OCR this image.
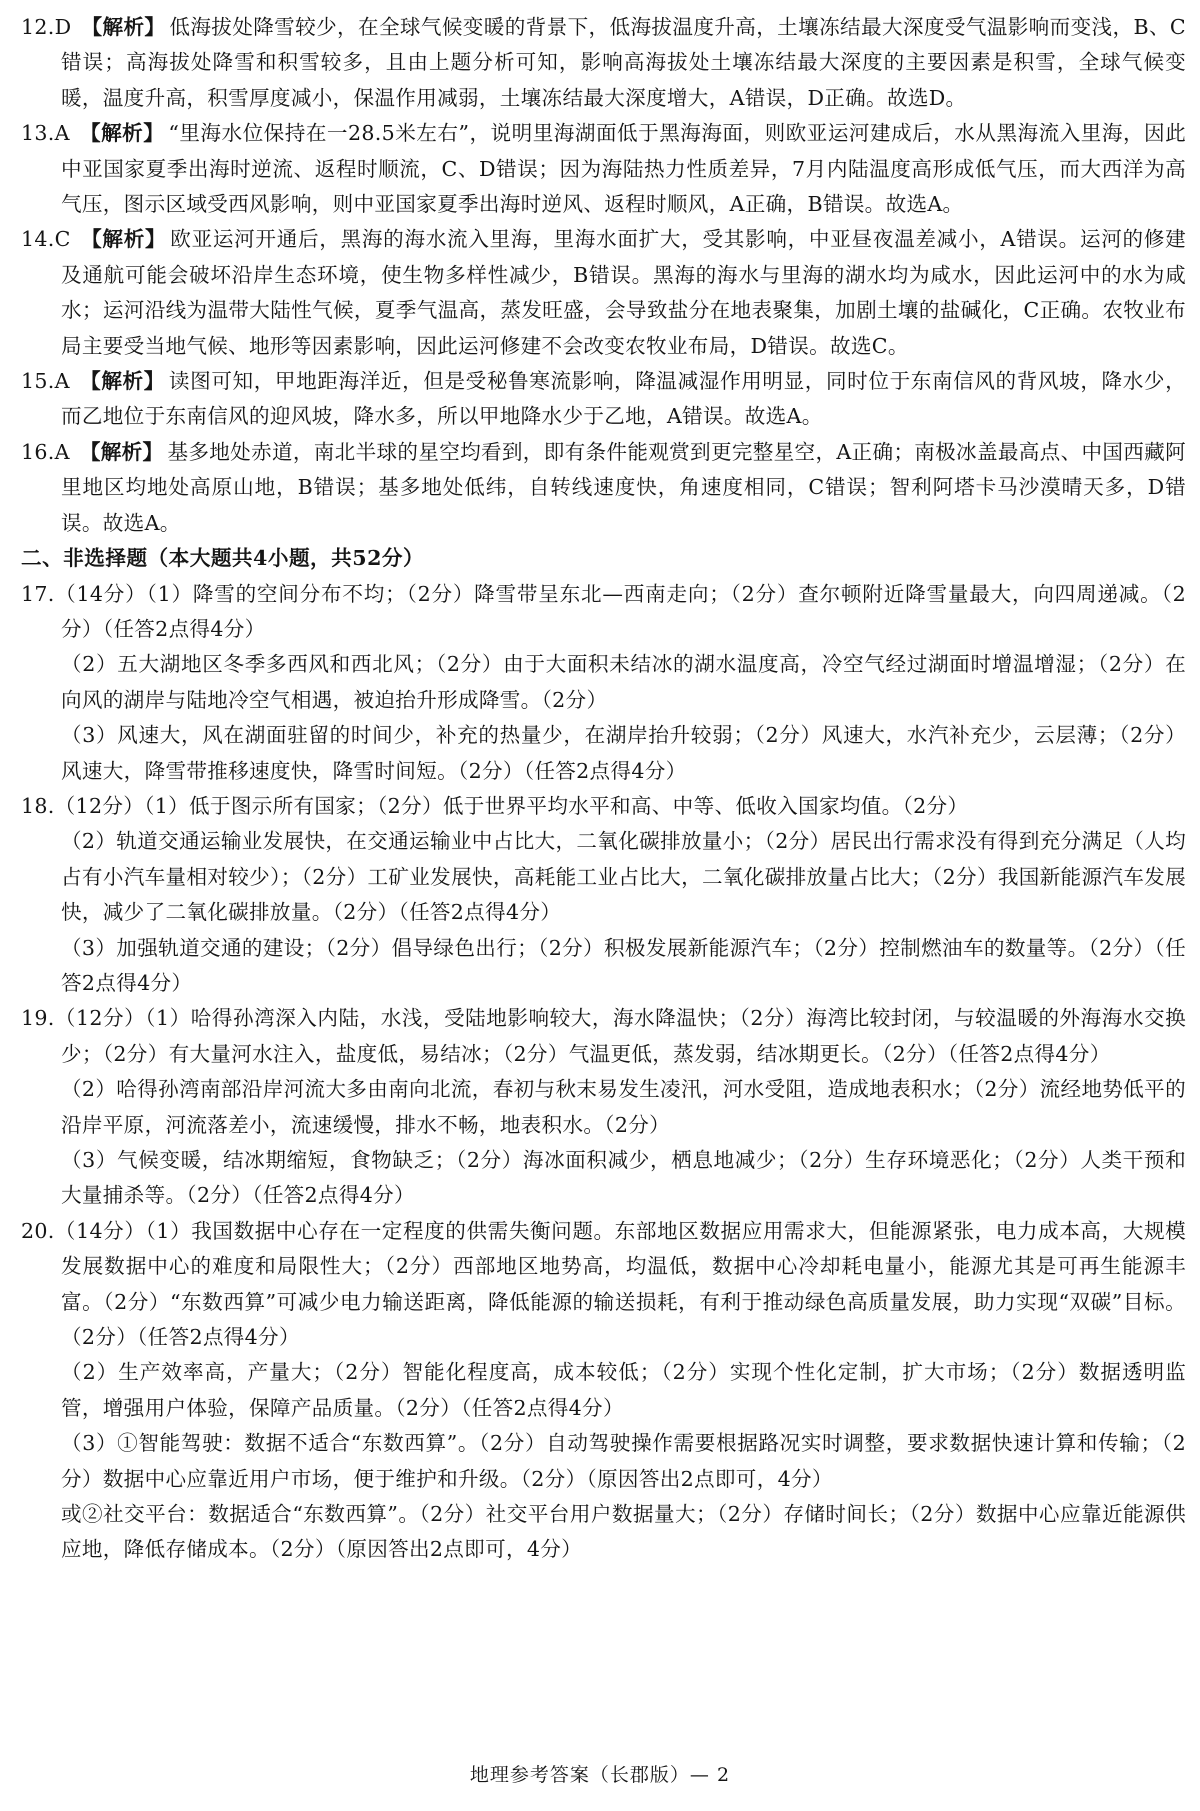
12.D 【解析】 低海拔处降雪较少，在全球气候变暖的背景下，低海拔温度升高，土壤冻结最大深度受气温影响而变浅，B、C错误；高海拔处降雪和积雪较多，且由上题分析可知，影响高海拔处土壤冻结最大深度的主要因素是积雪，全球气候变暖，温度升高，积雪厚度减小，保温作用减弱，土壤冻结最大深度增大，A错误，D正确。故选D。

13.A 【解析】 “里海水位保持在一28.5米左右”，说明里海湖面低于黑海海面，则欧亚运河建成后，水从黑海流入里海，因此中亚国家夏季出海时逆流、返程时顺流，C、D错误；因为海陆热力性质差异，7月内陆温度高形成低气压，而大西洋为高气压，图示区域受西风影响，则中亚国家夏季出海时逆风、返程时顺风，A正确，B错误。故选A。

14.C 【解析】 欧亚运河开通后，黑海的海水流入里海，里海水面扩大，受其影响，中亚昼夜温差减小，A错误。运河的修建及通航可能会破坏沿岸生态环境，使生物多样性减少，B错误。黑海的海水与里海的湖水均为咸水，因此运河中的水为咸水；运河沿线为温带大陆性气候，夏季气温高，蒸发旺盛，会导致盐分在地表聚集，加剧土壤的盐碱化，C正确。农牧业布局主要受当地气候、地形等因素影响，因此运河修建不会改变农牧业布局，D错误。故选C。

15.A 【解析】 读图可知，甲地距海洋近，但是受秘鲁寒流影响，降温减湿作用明显，同时位于东南信风的背风坡，降水少，而乙地位于东南信风的迎风坡，降水多，所以甲地降水少于乙地，A错误。故选A。

16.A 【解析】 基多地处赤道，南北半球的星空均看到，即有条件能观赏到更完整星空，A正确；南极冰盖最高点、中国西藏阿里地区均地处高原山地，B错误；基多地处低纬，自转线速度快，角速度相同，C错误；智利阿塔卡马沙漠晴天多，D错误。故选A。

二、非选择题（本大题共4小题，共52分）

17.（14分）（1）降雪的空间分布不均；（2分）降雪带呈东北—西南走向；（2分）查尔顿附近降雪量最大，向四周递减。（2分）（任答2点得4分）

（2）五大湖地区冬季多西风和西北风；（2分）由于大面积未结冰的湖水温度高，冷空气经过湖面时增温增湿；（2分）在向风的湖岸与陆地冷空气相遇，被迫抬升形成降雪。（2分）

（3）风速大，风在湖面驻留的时间少，补充的热量少，在湖岸抬升较弱；（2分）风速大，水汽补充少，云层薄；（2分）风速大，降雪带推移速度快，降雪时间短。（2分）（任答2点得4分）

18.（12分）（1）低于图示所有国家；（2分）低于世界平均水平和高、中等、低收入国家均值。（2分）

（2）轨道交通运输业发展快，在交通运输业中占比大，二氧化碳排放量小；（2分）居民出行需求没有得到充分满足（人均占有小汽车量相对较少）；（2分）工矿业发展快，高耗能工业占比大，二氧化碳排放量占比大；（2分）我国新能源汽车发展快，减少了二氧化碳排放量。（2分）（任答2点得4分）

（3）加强轨道交通的建设；（2分）倡导绿色出行；（2分）积极发展新能源汽车；（2分）控制燃油车的数量等。（2分）（任答2点得4分）

19.（12分）（1）哈得孙湾深入内陆，水浅，受陆地影响较大，海水降温快；（2分）海湾比较封闭，与较温暖的外海海水交换少；（2分）有大量河水注入，盐度低，易结冰；（2分）气温更低，蒸发弱，结冰期更长。（2分）（任答2点得4分）

（2）哈得孙湾南部沿岸河流大多由南向北流，春初与秋末易发生凌汛，河水受阻，造成地表积水；（2分）流经地势低平的沿岸平原，河流落差小，流速缓慢，排水不畅，地表积水。（2分）

（3）气候变暖，结冰期缩短，食物缺乏；（2分）海冰面积减少，栖息地减少；（2分）生存环境恶化；（2分）人类干预和大量捕杀等。（2分）（任答2点得4分）

20.（14分）（1）我国数据中心存在一定程度的供需失衡问题。东部地区数据应用需求大，但能源紧张，电力成本高，大规模发展数据中心的难度和局限性大；（2分）西部地区地势高，均温低，数据中心冷却耗电量小，能源尤其是可再生能源丰富。（2分）“东数西算”可减少电力输送距离，降低能源的输送损耗，有利于推动绿色高质量发展，助力实现“双碳”目标。（2分）（任答2点得4分）

（2）生产效率高，产量大；（2分）智能化程度高，成本较低；（2分）实现个性化定制，扩大市场；（2分）数据透明监管，增强用户体验，保障产品质量。（2分）（任答2点得4分）

（3）①智能驾驶：数据不适合“东数西算”。（2分）自动驾驶操作需要根据路况实时调整，要求数据快速计算和传输；（2分）数据中心应靠近用户市场，便于维护和升级。（2分）（原因答出2点即可，4分）

或②社交平台：数据适合“东数西算”。（2分）社交平台用户数据量大；（2分）存储时间长；（2分）数据中心应靠近能源供应地，降低存储成本。（2分）（原因答出2点即可，4分）

地理参考答案（长郡版）— 2
